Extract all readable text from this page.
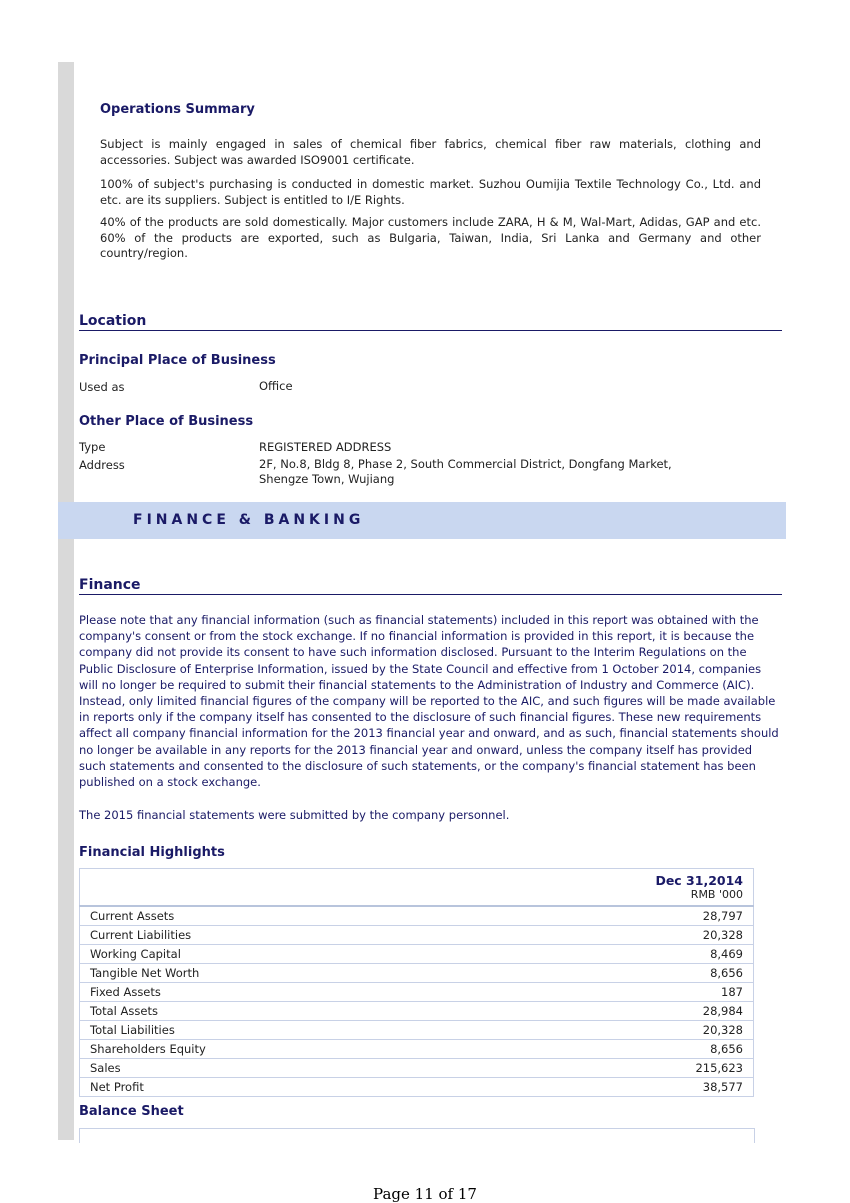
Operations Summary
Subject is mainly engaged in sales of chemical fiber fabrics, chemical fiber raw materials, clothing and accessories. Subject was awarded ISO9001 certificate.
100% of subject's purchasing is conducted in domestic market. Suzhou Oumijia Textile Technology Co., Ltd. and etc. are its suppliers. Subject is entitled to I/E Rights.
40% of the products are sold domestically. Major customers include ZARA, H & M, Wal-Mart, Adidas, GAP and etc. 60% of the products are exported, such as Bulgaria, Taiwan, India, Sri Lanka and Germany and other country/region.
Location
Principal Place of Business
Used as	Office
Other Place of Business
Type	REGISTERED ADDRESS
Address	2F, No.8, Bldg 8, Phase 2, South Commercial District, Dongfang Market, Shengze Town, Wujiang
FINANCE & BANKING
Finance
Please note that any financial information (such as financial statements) included in this report was obtained with the company's consent or from the stock exchange. If no financial information is provided in this report, it is because the company did not provide its consent to have such information disclosed. Pursuant to the Interim Regulations on the Public Disclosure of Enterprise Information, issued by the State Council and effective from 1 October 2014, companies will no longer be required to submit their financial statements to the Administration of Industry and Commerce (AIC). Instead, only limited financial figures of the company will be reported to the AIC, and such figures will be made available in reports only if the company itself has consented to the disclosure of such financial figures. These new requirements affect all company financial information for the 2013 financial year and onward, and as such, financial statements should no longer be available in any reports for the 2013 financial year and onward, unless the company itself has provided such statements and consented to the disclosure of such statements, or the company's financial statement has been published on a stock exchange.
The 2015 financial statements were submitted by the company personnel.
Financial Highlights

	Dec 31,2014
RMB '000

Current Assets	28,797
Current Liabilities	20,328
Working Capital	8,469
Tangible Net Worth	8,656
Fixed Assets	187
Total Assets	28,984
Total Liabilities	20,328
Shareholders Equity	8,656
Sales	215,623
Net Profit	38,577
Balance Sheet
Page 11 of 17
